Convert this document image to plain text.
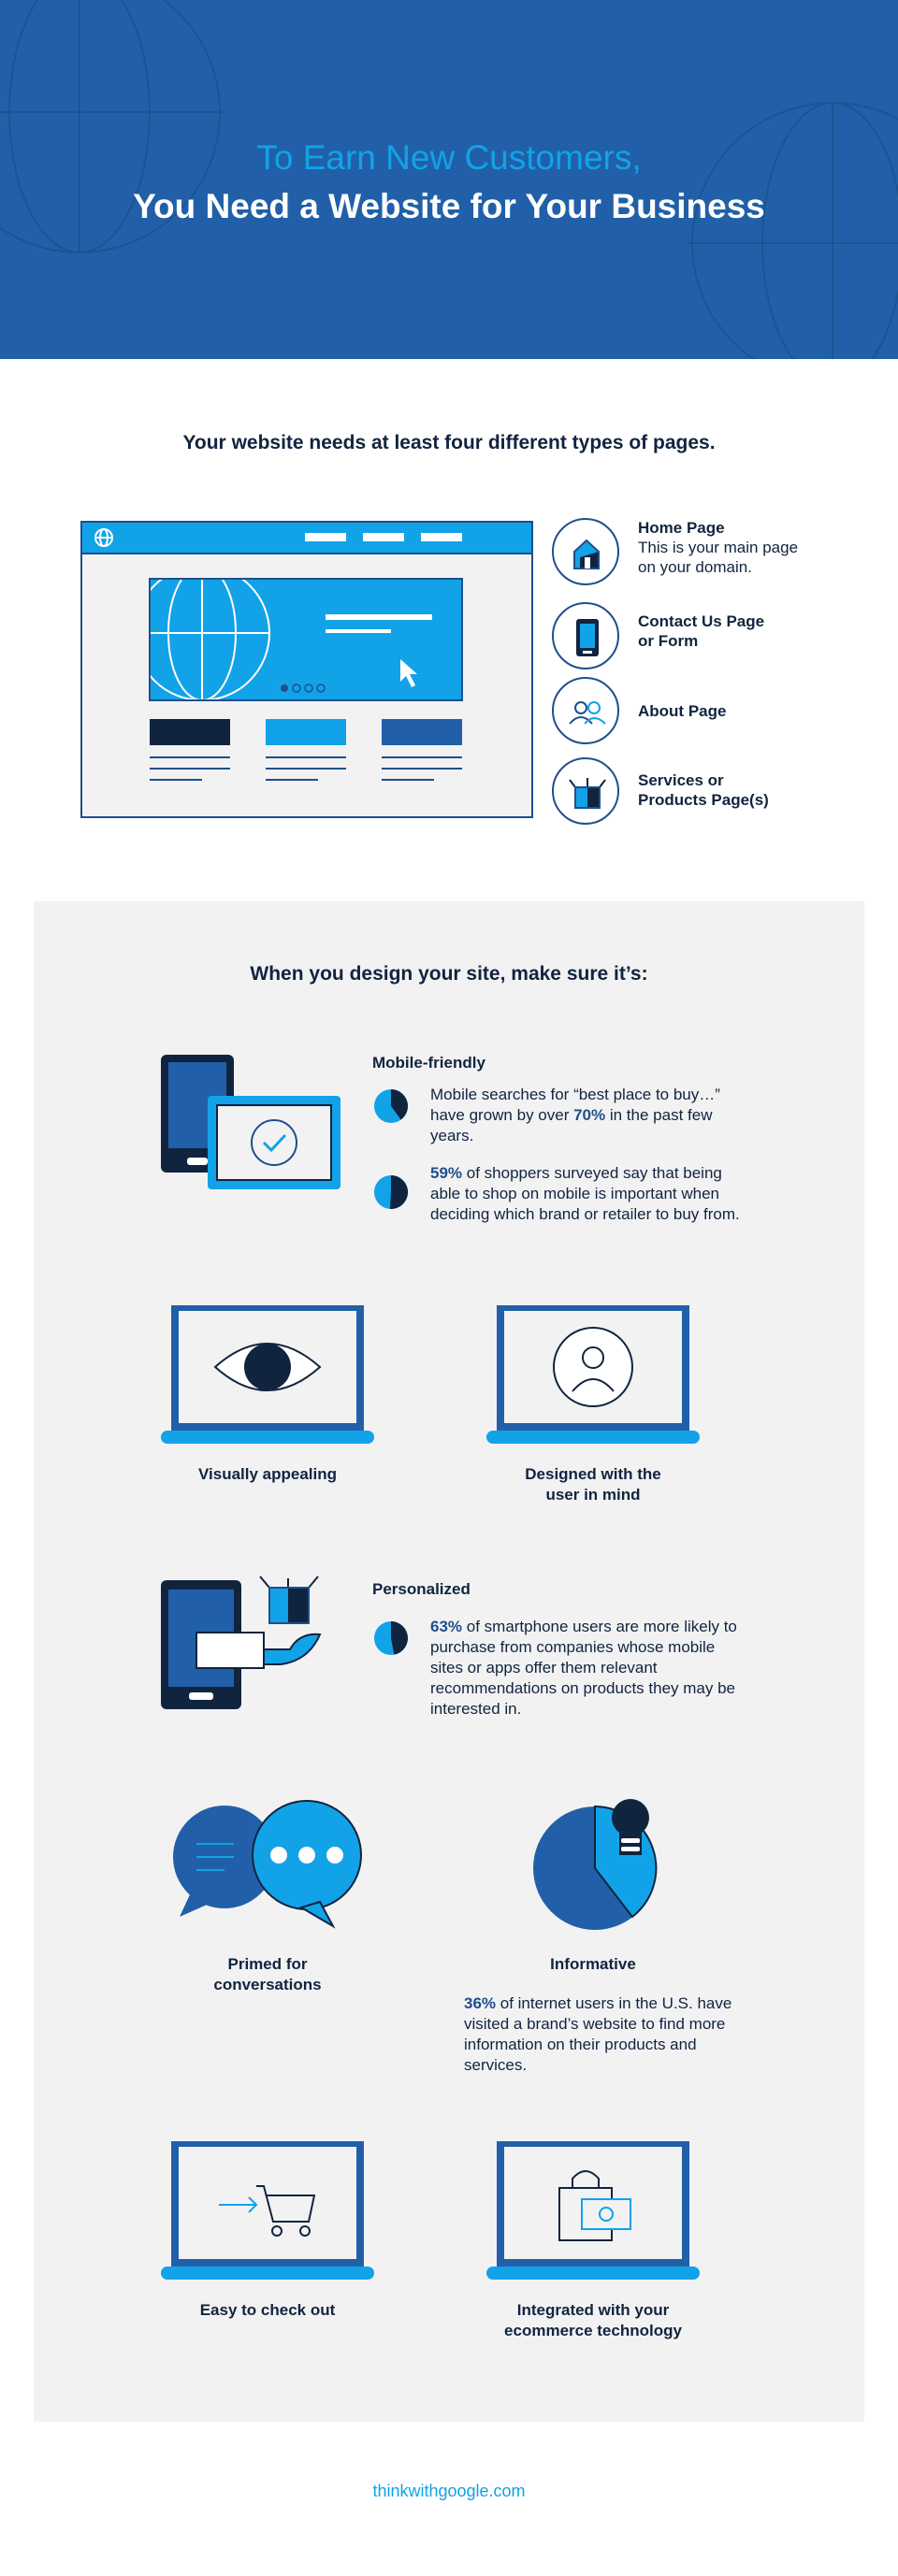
To Earn New Customers,
You Need a Website for Your Business
Your website needs at least four different types of pages.
Home Page
This is your main page
on your domain.
Contact Us Page
or Form
About Page
Services or
Products Page(s)
When you design your site, make sure it’s:
Mobile-friendly
Mobile searches for “best place to buy…” have grown by over 70% in the past few years.
59% of shoppers surveyed say that being able to shop on mobile is important when deciding which brand or retailer to buy from.
Visually appealing	Designed with the
user in mind
Personalized
63% of smartphone users are more likely to purchase from companies whose mobile sites or apps offer them relevant recommendations on products they may be interested in.
Primed for
conversations
Informative
36% of internet users in the U.S. have visited a brand’s website to find more information on their products and services.
Easy to check out	Integrated with your
ecommerce technology
thinkwithgoogle.com
